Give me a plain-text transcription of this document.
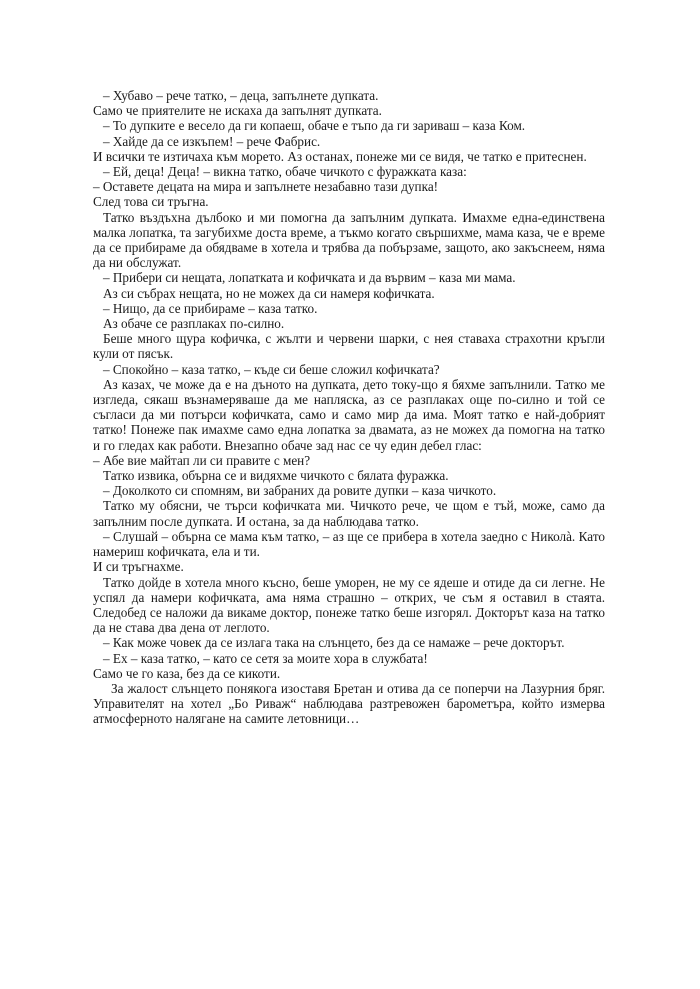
– Хубаво – рече татко, – деца, запълнете дупката.

Само че приятелите не искаха да запълнят дупката.

– То дупките е весело да ги копаеш, обаче е тъпо да ги зариваш – каза Ком.

– Хайде да се изкъпем! – рече Фабрис.

И всички те изтичаха към морето. Аз останах, понеже ми се видя, че татко е притеснен.

– Ей, деца! Деца! – викна татко, обаче чичкото с фуражката каза:

– Оставете децата на мира и запълнете незабавно тази дупка!

След това си тръгна.

Татко въздъхна дълбоко и ми помогна да запълним дупката. Имахме една-единствена малка лопатка, та загубихме доста време, а тъкмо когато свършихме, мама каза, че е време да се прибираме да обядваме в хотела и трябва да побързаме, защото, ако закъснеем, няма да ни обслужат.

– Прибери си нещата, лопатката и кофичката и да вървим – каза ми мама.

Аз си събрах нещата, но не можех да си намеря кофичката.

– Нищо, да се прибираме – каза татко.

Аз обаче се разплаках по-силно.

Беше много щура кофичка, с жълти и червени шарки, с нея ставаха страхотни кръгли кули от пясък.

– Спокойно – каза татко, – къде си беше сложил кофичката?

Аз казах, че може да е на дъното на дупката, дето току-що я бяхме запълнили. Татко ме изгледа, сякаш възнамеряваше да ме напляска, аз се разплаках още по-силно и той се съгласи да ми потърси кофичката, само и само мир да има. Моят татко е най-добрият татко! Понеже пак имахме само една лопатка за двамата, аз не можех да помогна на татко и го гледах как работи. Внезапно обаче зад нас се чу един дебел глас:

– Абе вие майтап ли си правите с мен?

Татко извика, обърна се и видяхме чичкото с бялата фуражка.

– Доколкото си спомням, ви забраних да ровите дупки – каза чичкото.

Татко му обясни, че търси кофичката ми. Чичкото рече, че щом е тъй, може, само да запълним после дупката. И остана, за да наблюдава татко.

– Слушай – обърна се мама към татко, – аз ще се прибера в хотела заедно с Николà. Като намериш кофичката, ела и ти.

И си тръгнахме.

Татко дойде в хотела много късно, беше уморен, не му се ядеше и отиде да си легне. Не успял да намери кофичката, ама няма страшно – открих, че съм я оставил в стаята. Следобед се наложи да викаме доктор, понеже татко беше изгорял. Докторът каза на татко да не става два дена от леглото.

– Как може човек да се излага така на слънцето, без да се намаже – рече докторът.

– Ех – каза татко, – като се сетя за моите хора в службата!

Само че го каза, без да се кикоти.

За жалост слънцето понякога изоставя Бретан и отива да се поперчи на Лазурния бряг. Управителят на хотел „Бо Риваж“ наблюдава разтревожен барометъра, който измерва атмосферното налягане на самите летовници…
